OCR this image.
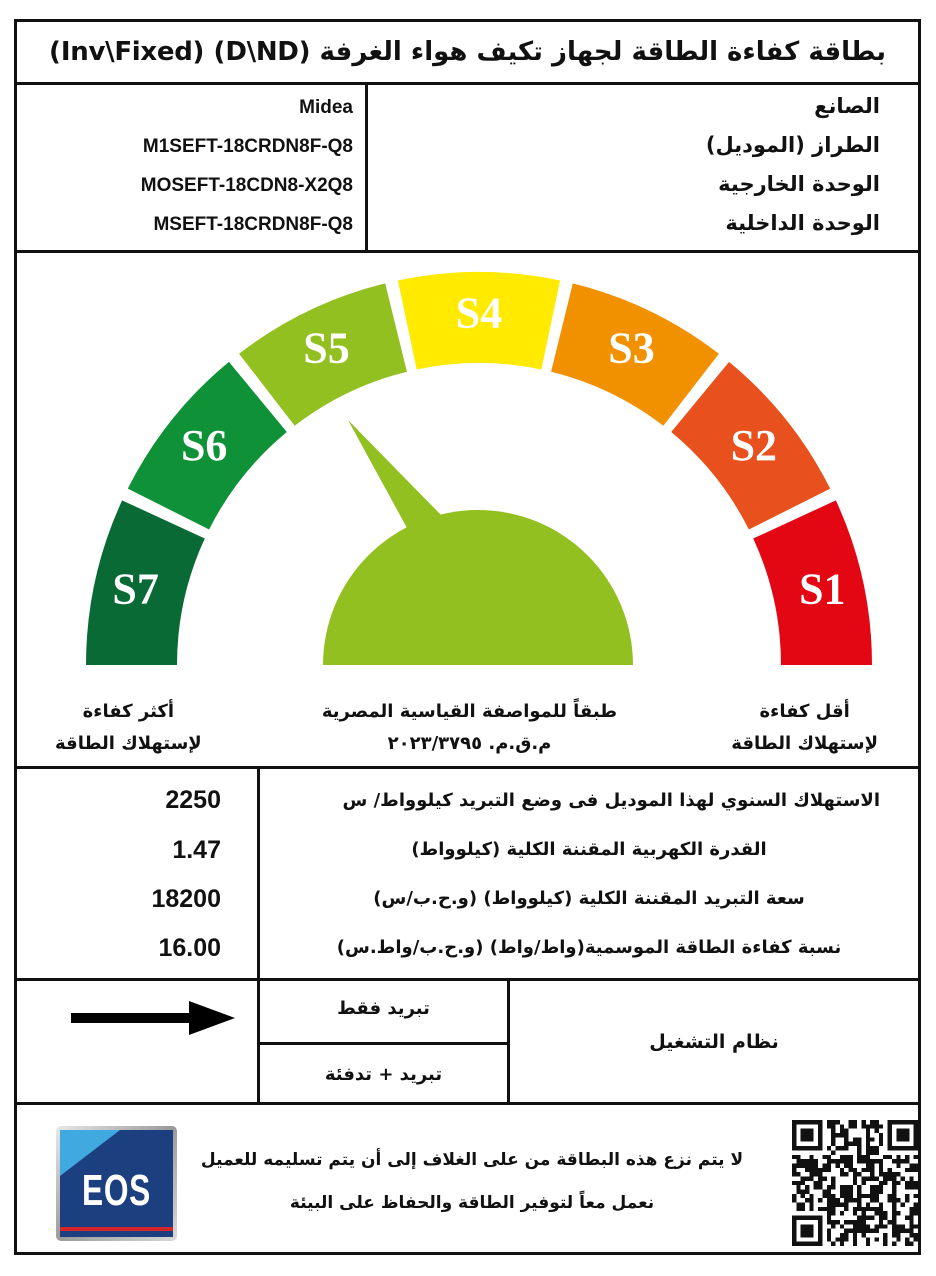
بطاقة كفاءة الطاقة لجهاز تكيف هواء الغرفة (D\ND) (Inv\Fixed)
Midea
M1SEFT-18CRDN8F-Q8
MOSEFT-18CDN8-X2Q8
MSEFT-18CRDN8F-Q8
الصانع
الطراز (الموديل)
الوحدة الخارجية
الوحدة الداخلية
S7
S6
S5
S4
S3
S2
S1
أقل كفاءة
لإستهلاك الطاقة
أكثر كفاءة
لإستهلاك الطاقة
طبقاً للمواصفة القياسية المصرية
م.ق.م. ٢٠٢٣/٣٧٩٥
2250
1.47
18200
16.00
الاستهلاك السنوي لهذا الموديل فى وضع التبريد كيلوواط/ س
القدرة الكهربية المقننة الكلية (كيلوواط)
سعة التبريد المقننة الكلية (كيلوواط) (و.ح.ب/س)
نسبة كفاءة الطاقة الموسمية(واط/واط) (و.ح.ب/واط.س)
تبريد فقط
تبريد + تدفئة
نظام التشغيل
EOS
لا يتم نزع هذه البطاقة من على الغلاف إلى أن يتم تسليمه للعميل
نعمل معاً لتوفير الطاقة والحفاظ على البيئة
